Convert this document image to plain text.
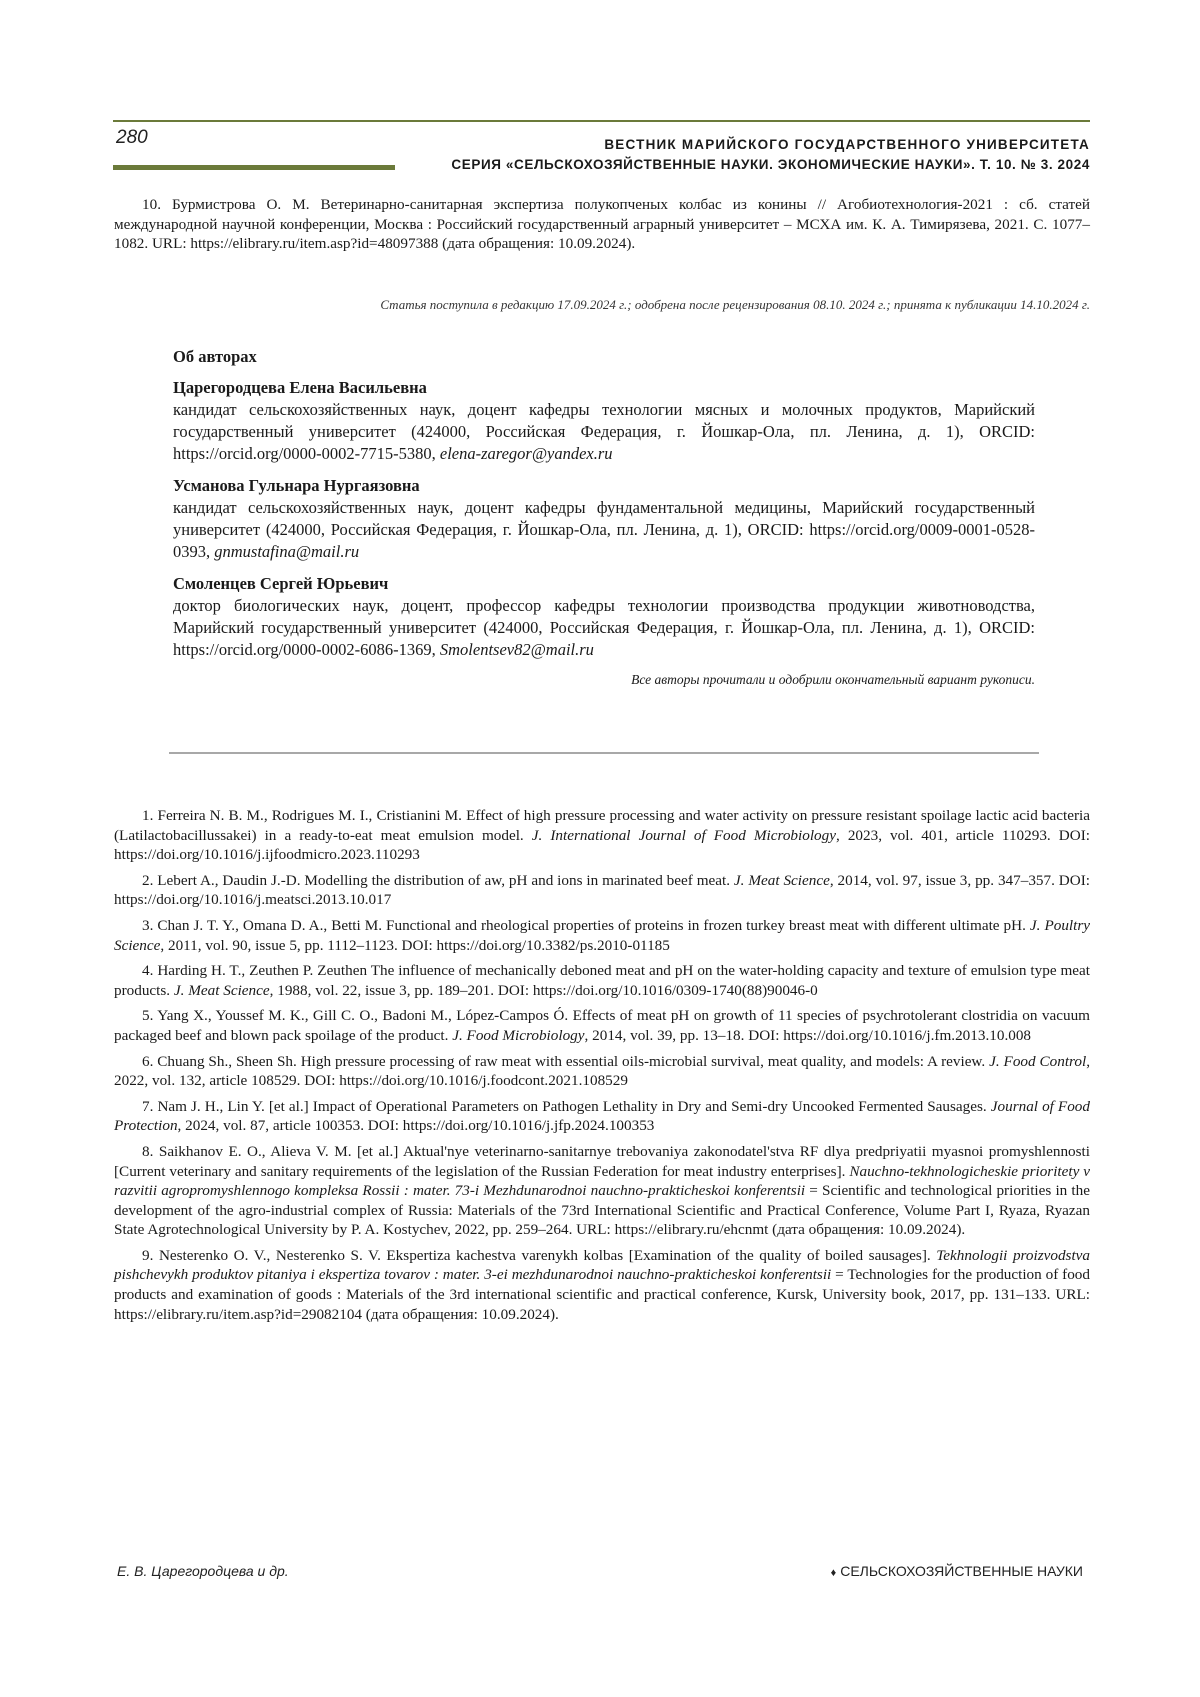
280	ВЕСТНИК МАРИЙСКОГО ГОСУДАРСТВЕННОГО УНИВЕРСИТЕТА
СЕРИЯ «СЕЛЬСКОХОЗЯЙСТВЕННЫЕ НАУКИ. ЭКОНОМИЧЕСКИЕ НАУКИ». Т. 10. № 3. 2024
10. Бурмистрова О. М. Ветеринарно-санитарная экспертиза полукопченых колбас из конины // Агобиотехнология-2021 : сб. статей международной научной конференции, Москва : Российский государственный аграрный университет – МСХА им. К. А. Тимирязева, 2021. С. 1077–1082. URL: https://elibrary.ru/item.asp?id=48097388 (дата обращения: 10.09.2024).
Статья поступила в редакцию 17.09.2024 г.; одобрена после рецензирования 08.10. 2024 г.; принята к публикации 14.10.2024 г.
Об авторах
Царегородцева Елена Васильевна
кандидат сельскохозяйственных наук, доцент кафедры технологии мясных и молочных продуктов, Марийский государственный университет (424000, Российская Федерация, г. Йошкар-Ола, пл. Ленина, д. 1), ORCID: https://orcid.org/0000-0002-7715-5380, elena-zaregor@yandex.ru
Усманова Гульнара Нургаязовна
кандидат сельскохозяйственных наук, доцент кафедры фундаментальной медицины, Марийский государственный университет (424000, Российская Федерация, г. Йошкар-Ола, пл. Ленина, д. 1), ORCID: https://orcid.org/0009-0001-0528-0393, gnmustafina@mail.ru
Смоленцев Сергей Юрьевич
доктор биологических наук, доцент, профессор кафедры технологии производства продукции животноводства, Марийский государственный университет (424000, Российская Федерация, г. Йошкар-Ола, пл. Ленина, д. 1), ORCID: https://orcid.org/0000-0002-6086-1369, Smolentsev82@mail.ru
Все авторы прочитали и одобрили окончательный вариант рукописи.
1. Ferreira N. B. M., Rodrigues M. I., Cristianini M. Effect of high pressure processing and water activity on pressure resistant spoilage lactic acid bacteria (Latilactobacillussakei) in a ready-to-eat meat emulsion model. J. International Journal of Food Microbiology, 2023, vol. 401, article 110293. DOI: https://doi.org/10.1016/j.ijfoodmicro.2023.110293
2. Lebert A., Daudin J.-D. Modelling the distribution of aw, pH and ions in marinated beef meat. J. Meat Science, 2014, vol. 97, issue 3, pp. 347–357. DOI: https://doi.org/10.1016/j.meatsci.2013.10.017
3. Chan J. T. Y., Omana D. A., Betti M. Functional and rheological properties of proteins in frozen turkey breast meat with different ultimate pH. J. Poultry Science, 2011, vol. 90, issue 5, pp. 1112–1123. DOI: https://doi.org/10.3382/ps.2010-01185
4. Harding H. T., Zeuthen P. Zeuthen The influence of mechanically deboned meat and pH on the water-holding capacity and texture of emulsion type meat products. J. Meat Science, 1988, vol. 22, issue 3, pp. 189–201. DOI: https://doi.org/10.1016/0309-1740(88)90046-0
5. Yang X., Youssef M. K., Gill C. O., Badoni M., López-Campos Ó. Effects of meat pH on growth of 11 species of psychrotolerant clostridia on vacuum packaged beef and blown pack spoilage of the product. J. Food Microbiology, 2014, vol. 39, pp. 13–18. DOI: https://doi.org/10.1016/j.fm.2013.10.008
6. Chuang Sh., Sheen Sh. High pressure processing of raw meat with essential oils-microbial survival, meat quality, and models: A review. J. Food Control, 2022, vol. 132, article 108529. DOI: https://doi.org/10.1016/j.foodcont.2021.108529
7. Nam J. H., Lin Y. [et al.] Impact of Operational Parameters on Pathogen Lethality in Dry and Semi-dry Uncooked Fermented Sausages. Journal of Food Protection, 2024, vol. 87, article 100353. DOI: https://doi.org/10.1016/j.jfp.2024.100353
8. Saikhanov E. O., Alieva V. M. [et al.] Aktual'nye veterinarno-sanitarnye trebovaniya zakonodatel'stva RF dlya predpriyatii myasnoi promyshlennosti [Current veterinary and sanitary requirements of the legislation of the Russian Federation for meat industry enterprises]. Nauchno-tekhnologicheskie prioritety v razvitii agropromyshlennogo kompleksa Rossii : mater. 73-i Mezhdunarodnoi nauchno-prakticheskoi konferentsii = Scientific and technological priorities in the development of the agro-industrial complex of Russia: Materials of the 73rd International Scientific and Practical Conference, Volume Part I, Ryaza, Ryazan State Agrotechnological University by P. A. Kostychev, 2022, pp. 259–264. URL: https://elibrary.ru/ehcnmt (дата обращения: 10.09.2024).
9. Nesterenko O. V., Nesterenko S. V. Ekspertiza kachestva varenykh kolbas [Examination of the quality of boiled sausages]. Tekhnologii proizvodstva pishchevykh produktov pitaniya i ekspertiza tovarov : mater. 3-ei mezhdunarodnoi nauchno-prakticheskoi konferentsii = Technologies for the production of food products and examination of goods : Materials of the 3rd international scientific and practical conference, Kursk, University book, 2017, pp. 131–133. URL: https://elibrary.ru/item.asp?id=29082104 (дата обращения: 10.09.2024).
Е. В. Царегородцева и др.	♦ СЕЛЬСКОХОЗЯЙСТВЕННЫЕ НАУКИ
